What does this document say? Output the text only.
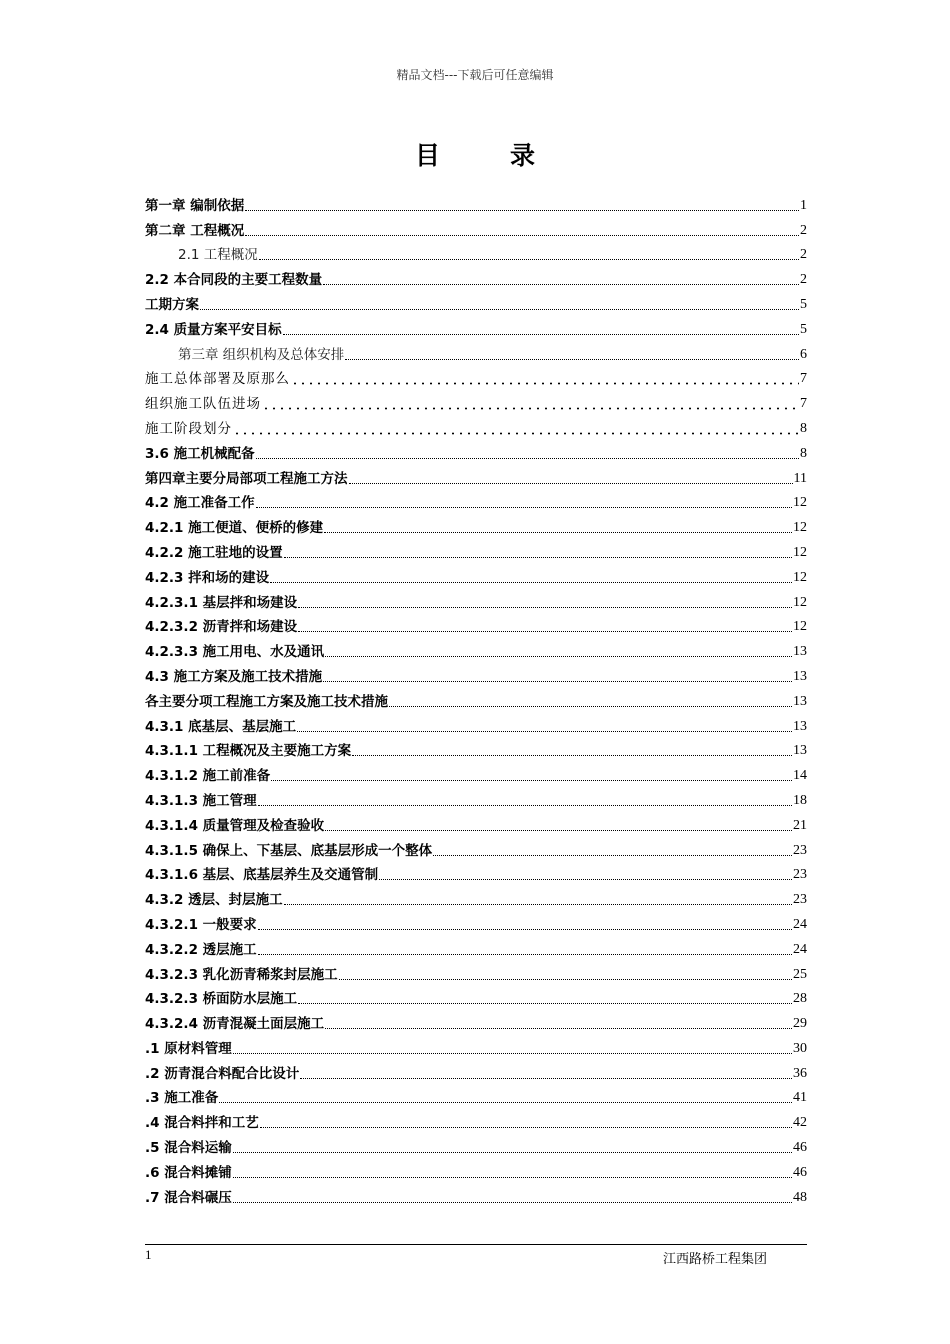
精品文档---下载后可任意编辑
目	录
第一章 编制依据	1
第二章 工程概况	2
2.1 工程概况	2
2.2 本合同段的主要工程数量	2
工期方案	5
2.4 质量方案平安目标	5
第三章 组织机构及总体安排	6
施工总体部署及原那么	7
组织施工队伍进场	7
施工阶段划分	8
3.6 施工机械配备	8
第四章主要分局部项工程施工方法	11
4.2 施工准备工作	12
4.2.1 施工便道、便桥的修建	12
4.2.2 施工驻地的设置	12
4.2.3 拌和场的建设	12
4.2.3.1 基层拌和场建设	12
4.2.3.2 沥青拌和场建设	12
4.2.3.3 施工用电、水及通讯	13
4.3 施工方案及施工技术措施	13
各主要分项工程施工方案及施工技术措施	13
4.3.1 底基层、基层施工	13
4.3.1.1 工程概况及主要施工方案	13
4.3.1.2 施工前准备	14
4.3.1.3 施工管理	18
4.3.1.4 质量管理及检查验收	21
4.3.1.5 确保上、下基层、底基层形成一个整体	23
4.3.1.6 基层、底基层养生及交通管制	23
4.3.2 透层、封层施工	23
4.3.2.1 一般要求	24
4.3.2.2 透层施工	24
4.3.2.3 乳化沥青稀浆封层施工	25
4.3.2.3 桥面防水层施工	28
4.3.2.4 沥青混凝土面层施工	29
.1 原材料管理	30
.2 沥青混合料配合比设计	36
.3 施工准备	41
.4 混合料拌和工艺	42
.5 混合料运输	46
.6 混合料摊铺	46
.7 混合料碾压	48
1	江西路桥工程集团
